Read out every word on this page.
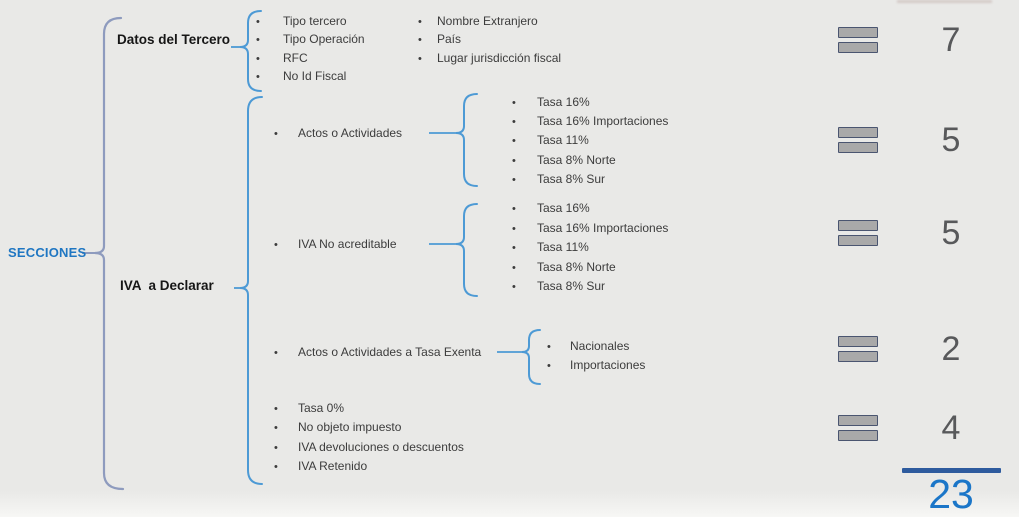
SECCIONES
Datos del Tercero
IVA  a Declarar
•	Tipo tercero
•	Tipo Operación
•	RFC
•	No Id Fiscal
•	Nombre Extranjero
•	País
•	Lugar jurisdicción fiscal
•	Actos o Actividades
•	Tasa 16%
•	Tasa 16% Importaciones
•	Tasa 11%
•	Tasa 8% Norte
•	Tasa 8% Sur
•	IVA No acreditable
•	Tasa 16%
•	Tasa 16% Importaciones
•	Tasa 11%
•	Tasa 8% Norte
•	Tasa 8% Sur
•	Actos o Actividades a Tasa Exenta	•	Nacionales
•	Importaciones
•	Tasa 0%
•	No objeto impuesto
•	IVA devoluciones o descuentos
•	IVA Retenido
7
5
5
2
4
23
